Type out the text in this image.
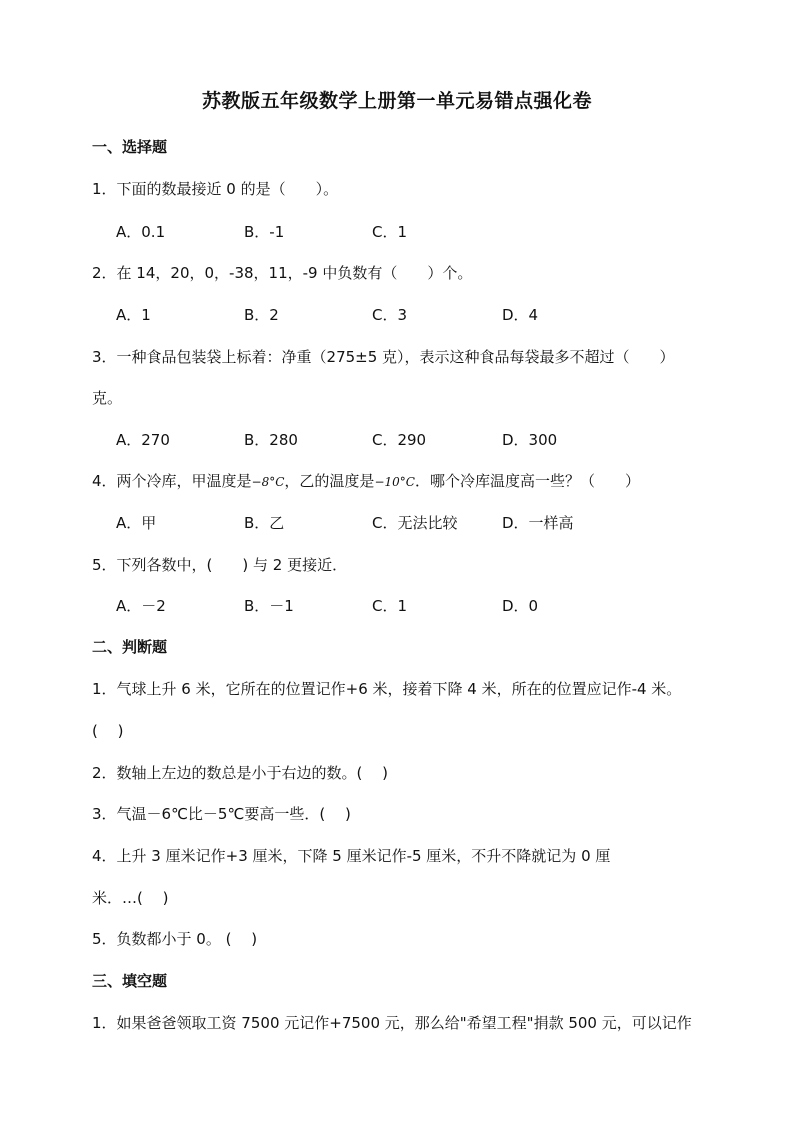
苏教版五年级数学上册第一单元易错点强化卷
一、选择题
1．下面的数最接近 0 的是（　　）。
A．0.1	B．-1	C．1
2．在 14，20，0，-38，11，-9 中负数有（　　）个。
A．1	B．2	C．3	D．4
3．一种食品包装袋上标着：净重（275±5 克），表示这种食品每袋最多不超过（　　）
克。
A．270	B．280	C．290	D．300
4．两个冷库，甲温度是−8°C，乙的温度是−10°C．哪个冷库温度高一些？（　　）
A．甲	B．乙	C．无法比较	D．一样高
5．下列各数中，(　　) 与 2 更接近．
A．－2	B．－1	C．1	D．0
二、判断题
1．气球上升 6 米，它所在的位置记作+6 米，接着下降 4 米，所在的位置应记作-4 米。
(　 )
2．数轴上左边的数总是小于右边的数。(　 )
3．气温－6℃比－5℃要高一些．(　 )
4．上升 3 厘米记作+3 厘米，下降 5 厘米记作-5 厘米，不升不降就记为 0 厘
米．…(　 )
5．负数都小于 0。 (　 )
三、填空题
1．如果爸爸领取工资 7500 元记作+7500 元，那么给"希望工程"捐款 500 元，可以记作
